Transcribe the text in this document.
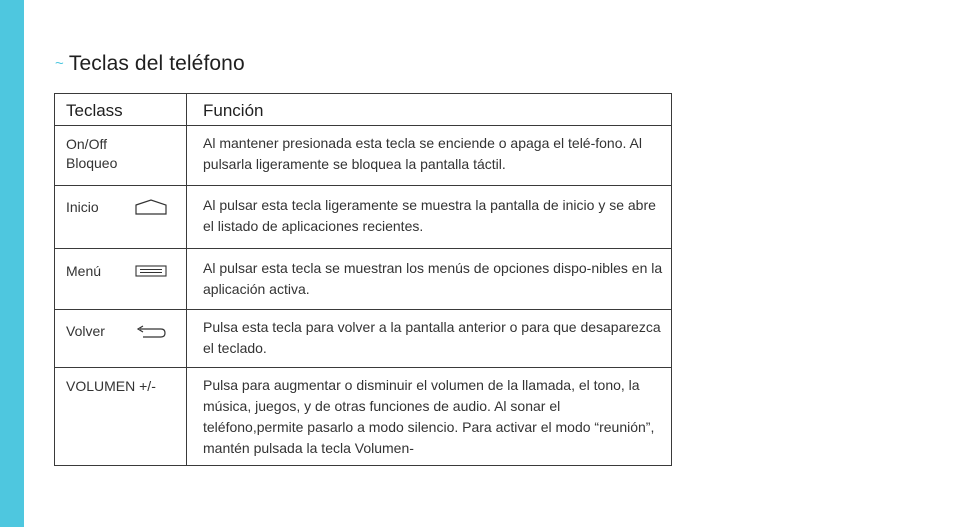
~ Teclas del teléfono
Teclass	Función

On/Off
Bloqueo	Al mantener presionada esta tecla se enciende o apaga el telé-fono. Al pulsarla ligeramente se bloquea la pantalla táctil.

Inicio	Al pulsar esta tecla ligeramente se muestra la pantalla de inicio y se abre el listado de aplicaciones recientes.

Menú	Al pulsar esta tecla se muestran los menús de opciones dispo-nibles en la aplicación activa.

Volver	Pulsa esta tecla para volver a la pantalla anterior o para que desaparezca el teclado.

VOLUMEN +/-	Pulsa para augmentar o disminuir el volumen de la llamada, el tono, la música, juegos, y de otras funciones de audio. Al sonar el teléfono,permite pasarlo a modo silencio. Para activar el modo “reunión”, mantén pulsada la tecla Volumen-
